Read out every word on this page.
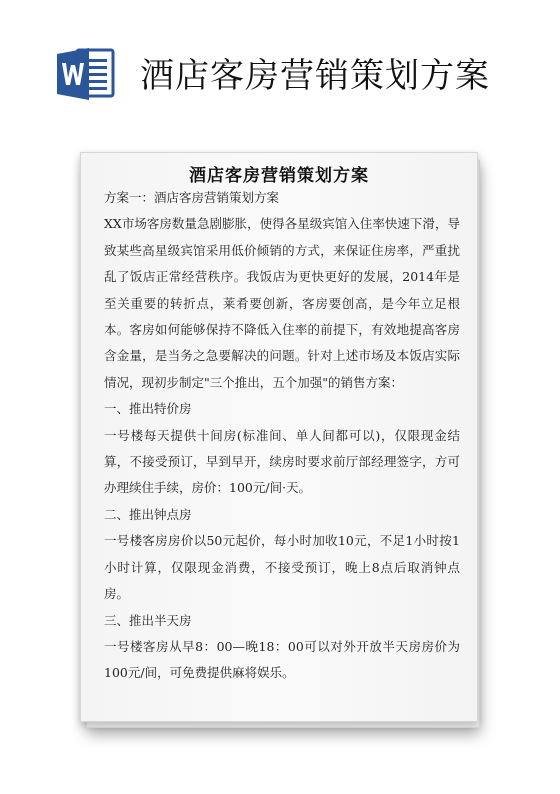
酒店客房营销策划方案
酒店客房营销策划方案

方案一：酒店客房营销策划方案

XX市场客房数量急剧膨胀，使得各星级宾馆入住率快速下滑，导致某些高星级宾馆采用低价倾销的方式，来保证住房率，严重扰乱了饭店正常经营秩序。我饭店为更快更好的发展，2014年是至关重要的转折点，莱肴要创新，客房要创高，是今年立足根本。客房如何能够保持不降低入住率的前提下，有效地提高客房含金量，是当务之急要解决的问题。针对上述市场及本饭店实际情况，现初步制定"三个推出，五个加强"的销售方案：

一、推出特价房

一号楼每天提供十间房(标准间、单人间都可以)，仅限现金结算，不接受预订，早到早开，续房时要求前厅部经理签字，方可办理续住手续，房价：100元/间·天。

二、推出钟点房

一号楼客房房价以50元起价，每小时加收10元，不足1小时按1小时计算，仅限现金消费，不接受预订，晚上8点后取消钟点房。

三、推出半天房

一号楼客房从早8：00—晚18：00可以对外开放半天房房价为100元/间，可免费提供麻将娱乐。
